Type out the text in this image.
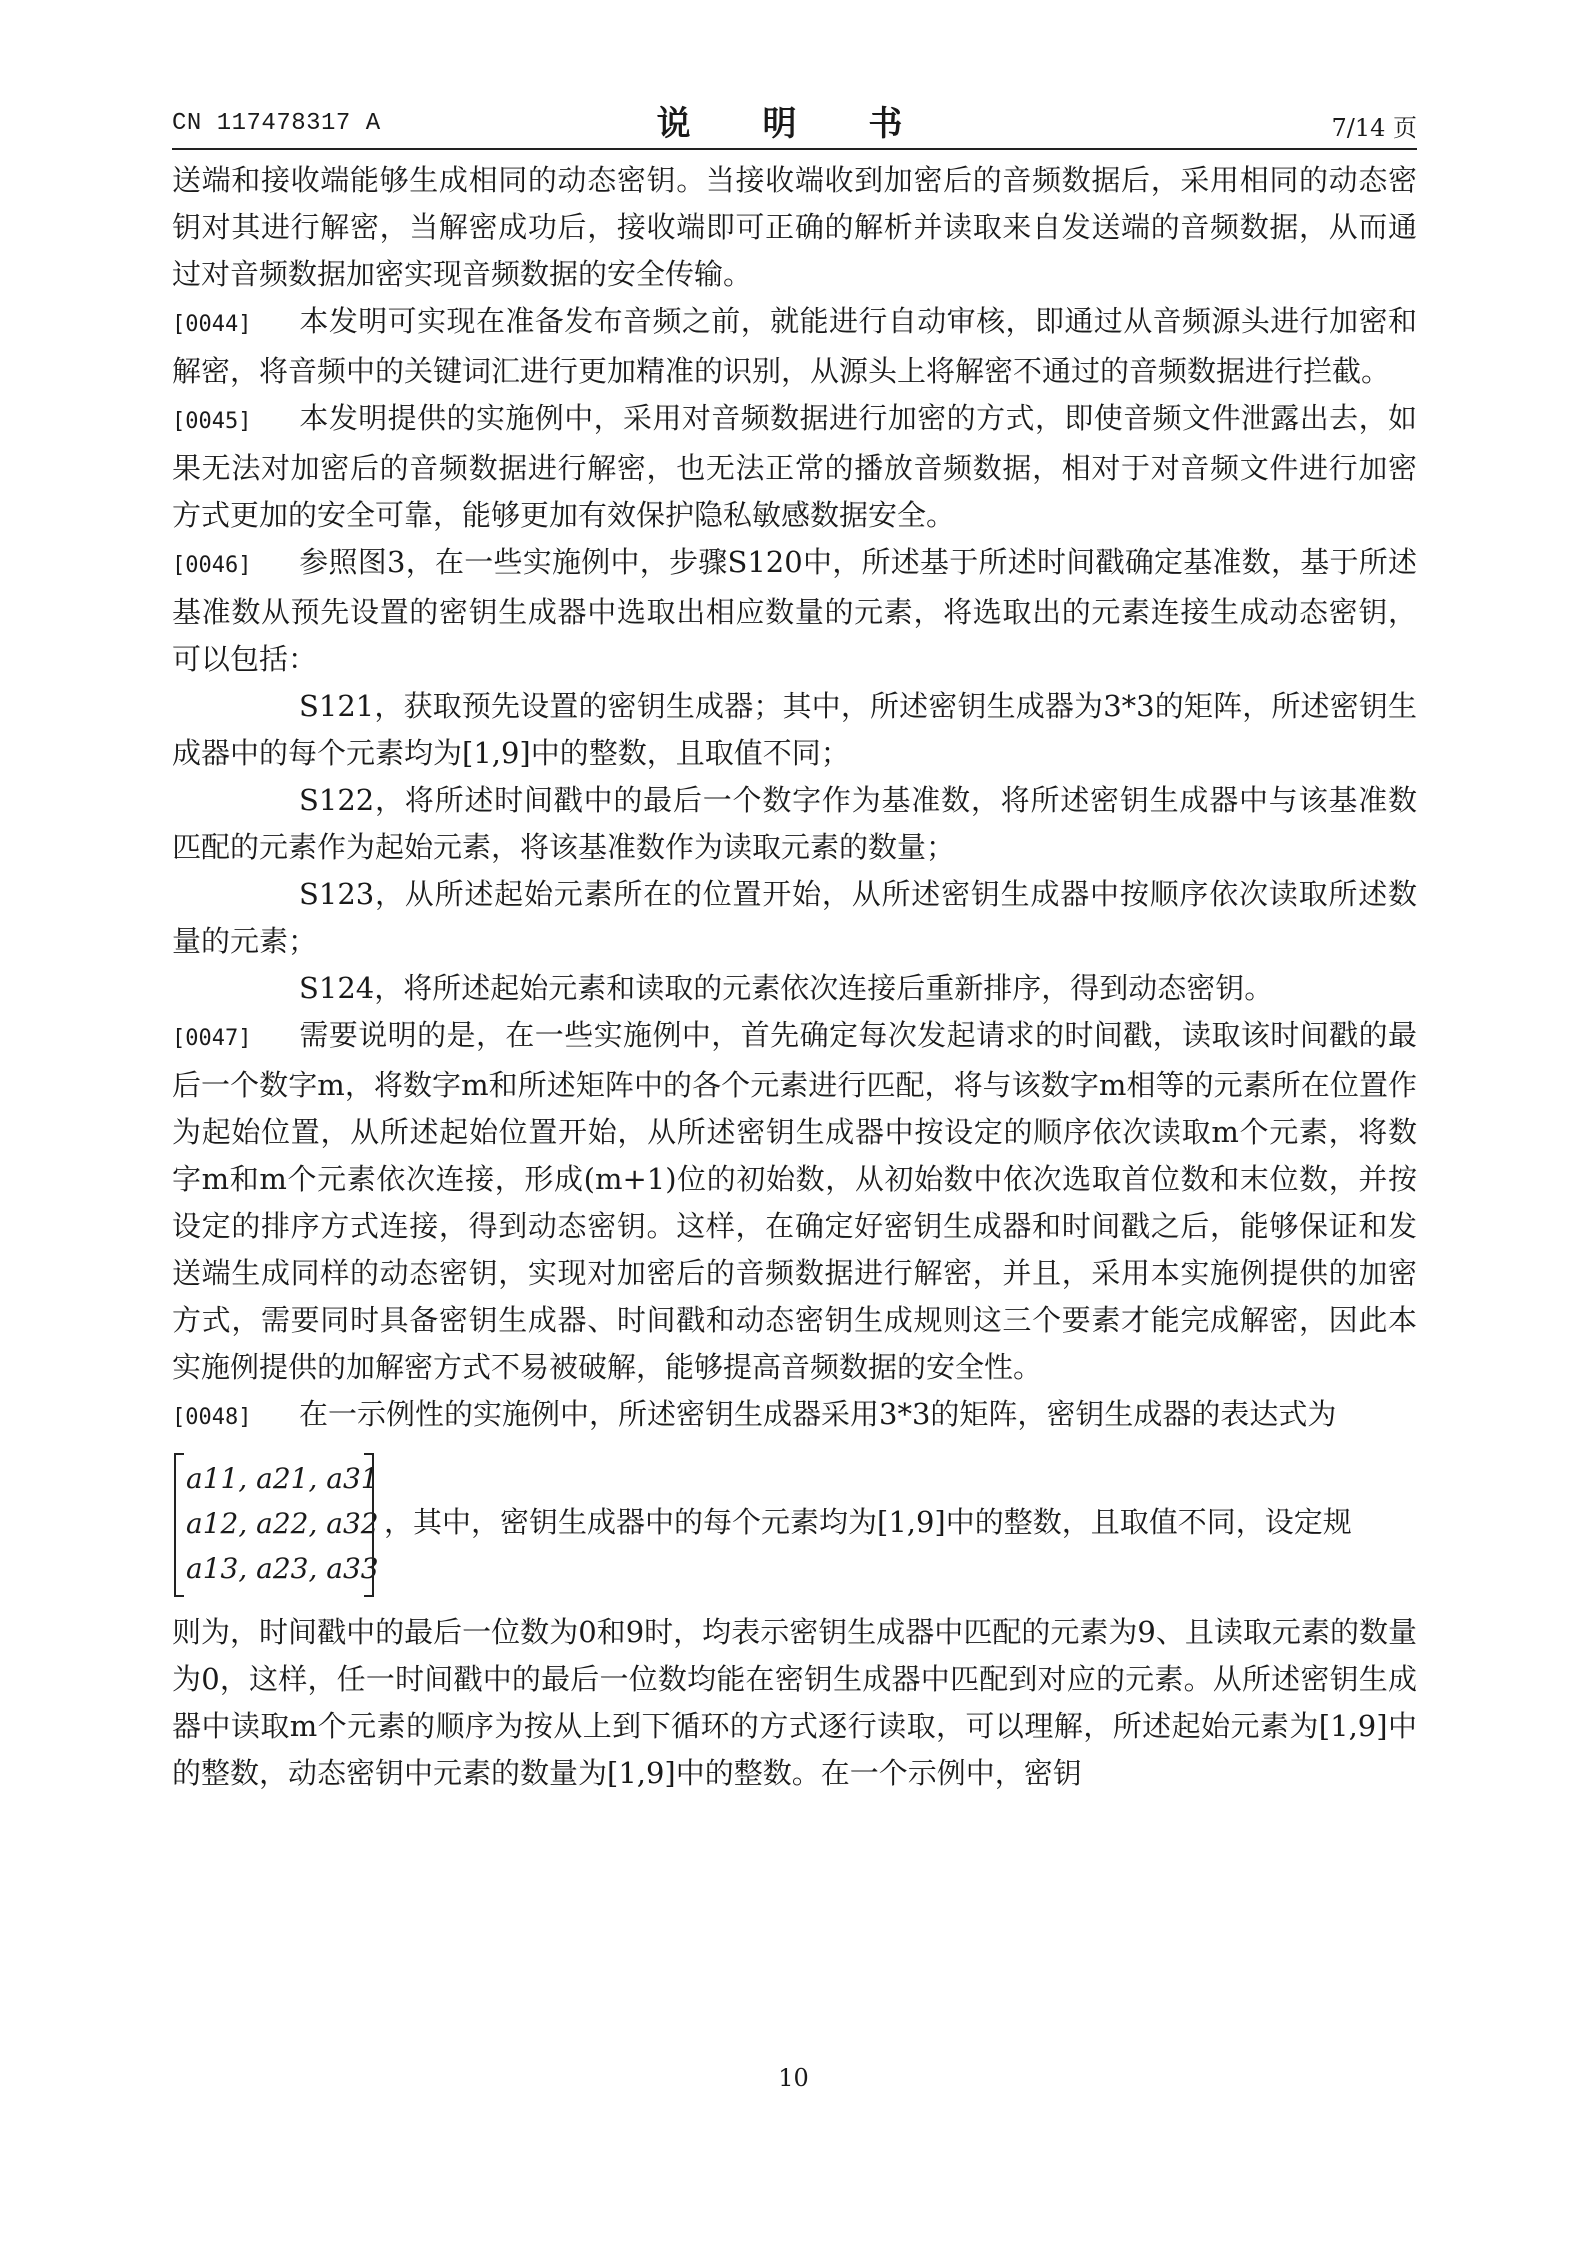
CN 117478317 A	说 明 书	7/14 页

送端和接收端能够生成相同的动态密钥。当接收端收到加密后的音频数据后，采用相同的动态密钥对其进行解密，当解密成功后，接收端即可正确的解析并读取来自发送端的音频数据，从而通过对音频数据加密实现音频数据的安全传输。

[0044] 本发明可实现在准备发布音频之前，就能进行自动审核，即通过从音频源头进行加密和解密，将音频中的关键词汇进行更加精准的识别，从源头上将解密不通过的音频数据进行拦截。

[0045] 本发明提供的实施例中，采用对音频数据进行加密的方式，即使音频文件泄露出去，如果无法对加密后的音频数据进行解密，也无法正常的播放音频数据，相对于对音频文件进行加密方式更加的安全可靠，能够更加有效保护隐私敏感数据安全。

[0046] 参照图3，在一些实施例中，步骤S120中，所述基于所述时间戳确定基准数，基于所述基准数从预先设置的密钥生成器中选取出相应数量的元素，将选取出的元素连接生成动态密钥，可以包括：

S121，获取预先设置的密钥生成器；其中，所述密钥生成器为3*3的矩阵，所述密钥生成器中的每个元素均为[1,9]中的整数，且取值不同；

S122，将所述时间戳中的最后一个数字作为基准数，将所述密钥生成器中与该基准数匹配的元素作为起始元素，将该基准数作为读取元素的数量；

S123，从所述起始元素所在的位置开始，从所述密钥生成器中按顺序依次读取所述数量的元素；

S124，将所述起始元素和读取的元素依次连接后重新排序，得到动态密钥。

[0047] 需要说明的是，在一些实施例中，首先确定每次发起请求的时间戳，读取该时间戳的最后一个数字m，将数字m和所述矩阵中的各个元素进行匹配，将与该数字m相等的元素所在位置作为起始位置，从所述起始位置开始，从所述密钥生成器中按设定的顺序依次读取m个元素，将数字m和m个元素依次连接，形成(m+1)位的初始数，从初始数中依次选取首位数和末位数，并按设定的排序方式连接，得到动态密钥。这样，在确定好密钥生成器和时间戳之后，能够保证和发送端生成同样的动态密钥，实现对加密后的音频数据进行解密，并且，采用本实施例提供的加密方式，需要同时具备密钥生成器、时间戳和动态密钥生成规则这三个要素才能完成解密，因此本实施例提供的加解密方式不易被破解，能够提高音频数据的安全性。

[0048] 在一示例性的实施例中，所述密钥生成器采用3*3的矩阵，密钥生成器的表达式为

a11, a21, a31
a12, a22, a32
a13, a23, a33
，其中，密钥生成器中的每个元素均为[1,9]中的整数，且取值不同，设定规

则为，时间戳中的最后一位数为0和9时，均表示密钥生成器中匹配的元素为9、且读取元素的数量为0，这样，任一时间戳中的最后一位数均能在密钥生成器中匹配到对应的元素。从所述密钥生成器中读取m个元素的顺序为按从上到下循环的方式逐行读取，可以理解，所述起始元素为[1,9]中的整数，动态密钥中元素的数量为[1,9]中的整数。在一个示例中，密钥

10
